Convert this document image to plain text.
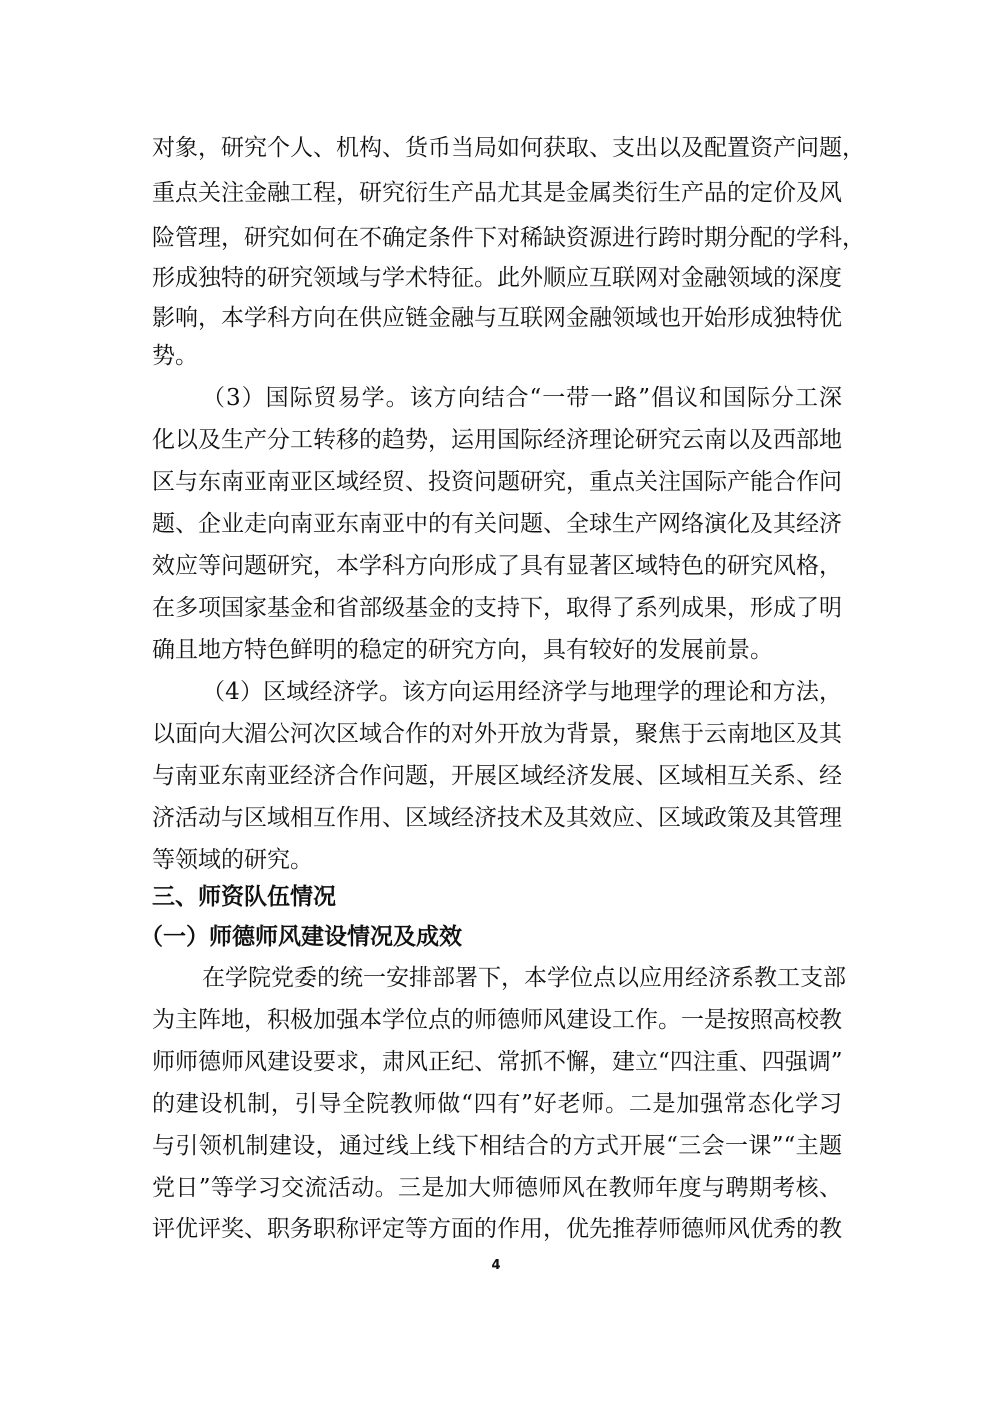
对象，研究个人、机构、货币当局如何获取、支出以及配置资产问题，
重点关注金融工程，研究衍生产品尤其是金属类衍生产品的定价及风
险管理，研究如何在不确定条件下对稀缺资源进行跨时期分配的学科，
形成独特的研究领域与学术特征。此外顺应互联网对金融领域的深度
影响，本学科方向在供应链金融与互联网金融领域也开始形成独特优
势。
（3）国际贸易学。该方向结合“一带一路”倡议和国际分工深
化以及生产分工转移的趋势，运用国际经济理论研究云南以及西部地
区与东南亚南亚区域经贸、投资问题研究，重点关注国际产能合作问
题、企业走向南亚东南亚中的有关问题、全球生产网络演化及其经济
效应等问题研究，本学科方向形成了具有显著区域特色的研究风格，
在多项国家基金和省部级基金的支持下，取得了系列成果，形成了明
确且地方特色鲜明的稳定的研究方向，具有较好的发展前景。
（4）区域经济学。该方向运用经济学与地理学的理论和方法，
以面向大湄公河次区域合作的对外开放为背景，聚焦于云南地区及其
与南亚东南亚经济合作问题，开展区域经济发展、区域相互关系、经
济活动与区域相互作用、区域经济技术及其效应、区域政策及其管理
等领域的研究。
三、师资队伍情况
（一）师德师风建设情况及成效
在学院党委的统一安排部署下，本学位点以应用经济系教工支部
为主阵地，积极加强本学位点的师德师风建设工作。一是按照高校教
师师德师风建设要求，肃风正纪、常抓不懈，建立“四注重、四强调”
的建设机制，引导全院教师做“四有”好老师。二是加强常态化学习
与引领机制建设，通过线上线下相结合的方式开展“三会一课”“主题
党日”等学习交流活动。三是加大师德师风在教师年度与聘期考核、
评优评奖、职务职称评定等方面的作用，优先推荐师德师风优秀的教
4
